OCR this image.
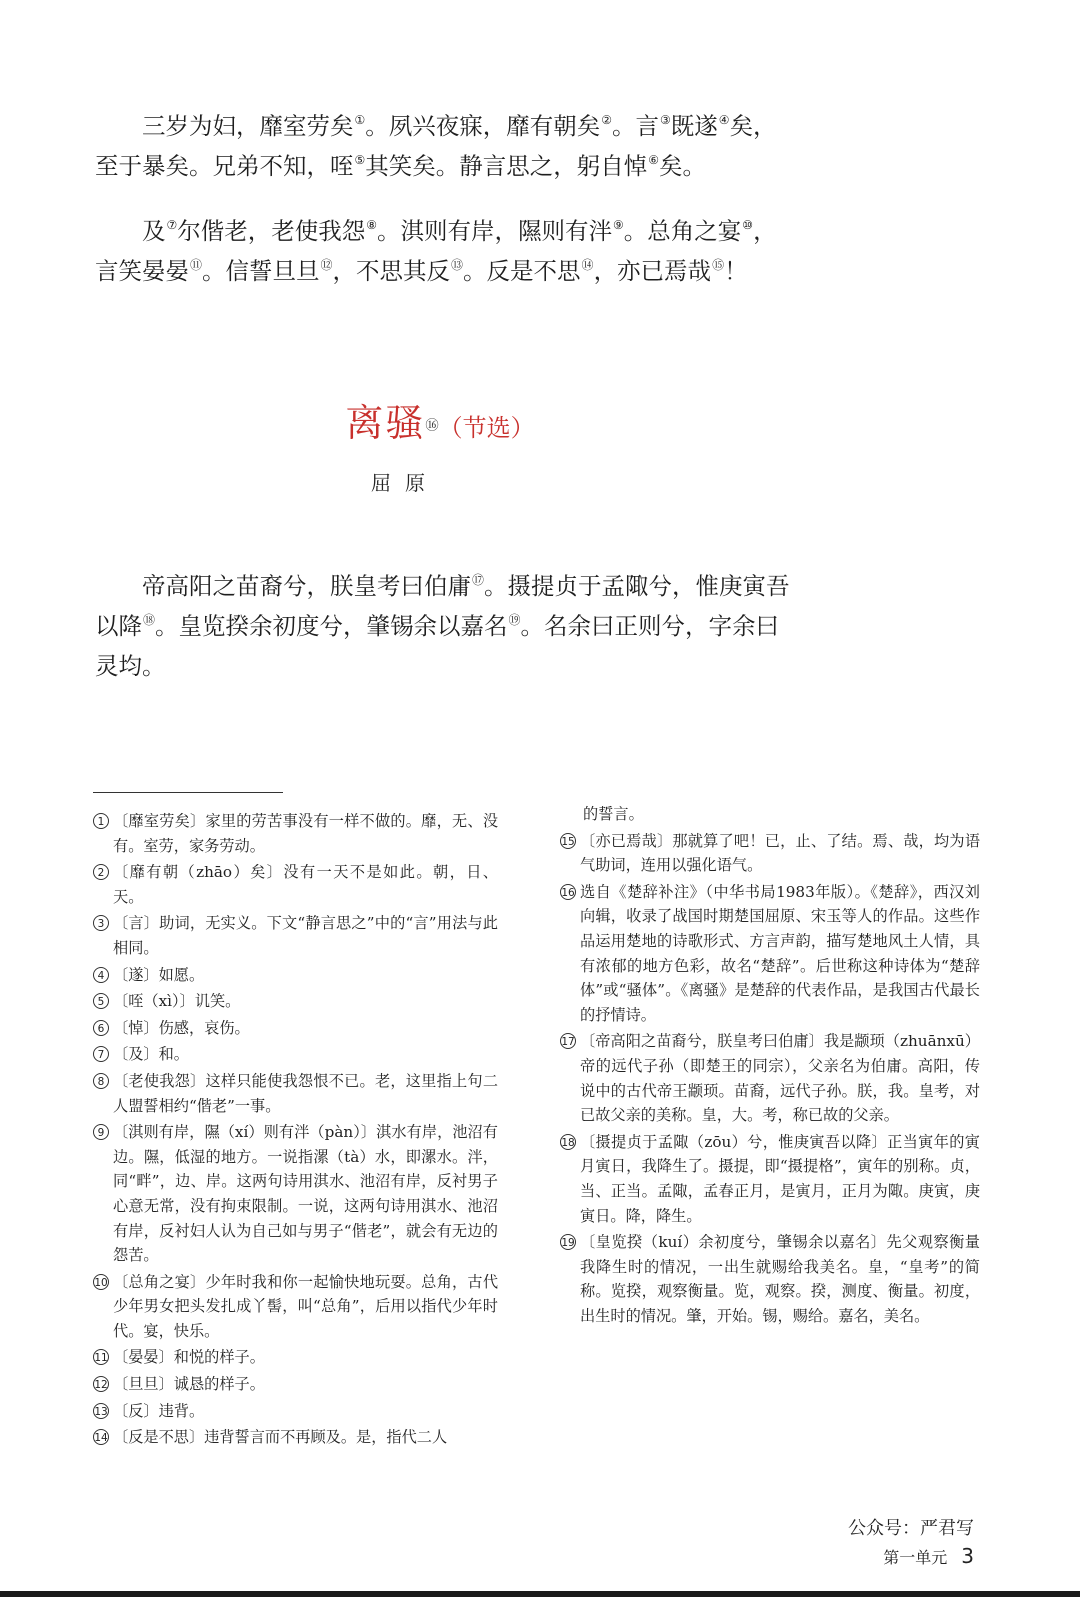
三岁为妇，靡室劳矣①。夙兴夜寐，靡有朝矣②。言③既遂④矣，至于暴矣。兄弟不知，咥⑤其笑矣。静言思之，躬自悼⑥矣。

及⑦尔偕老，老使我怨⑧。淇则有岸，隰则有泮⑨。总角之宴⑩，言笑晏晏⑪。信誓旦旦⑫，不思其反⑬。反是不思⑭，亦已焉哉⑮！

离骚⑯（节选）
屈原

帝高阳之苗裔兮，朕皇考曰伯庸⑰。摄提贞于孟陬兮，惟庚寅吾以降⑱。皇览揆余初度兮，肇锡余以嘉名⑲。名余曰正则兮，字余曰灵均。

1 〔靡室劳矣〕家里的劳苦事没有一样不做的。靡，无、没有。室劳，家务劳动。
2 〔靡有朝（zhāo）矣〕没有一天不是如此。朝，日、天。
3 〔言〕助词，无实义。下文“静言思之”中的“言”用法与此相同。
4 〔遂〕如愿。
5 〔咥（xì）〕讥笑。
6 〔悼〕伤感，哀伤。
7 〔及〕和。
8 〔老使我怨〕这样只能使我怨恨不已。老，这里指上句二人盟誓相约“偕老”一事。
9 〔淇则有岸，隰（xí）则有泮（pàn）〕淇水有岸，池沼有边。隰，低湿的地方。一说指漯（tà）水，即漯水。泮，同“畔”，边、岸。这两句诗用淇水、池沼有岸，反衬男子心意无常，没有拘束限制。一说，这两句诗用淇水、池沼有岸，反衬妇人认为自己如与男子“偕老”，就会有无边的怨苦。
10 〔总角之宴〕少年时我和你一起愉快地玩耍。总角，古代少年男女把头发扎成丫髻，叫“总角”，后用以指代少年时代。宴，快乐。
11 〔晏晏〕和悦的样子。
12 〔旦旦〕诚恳的样子。
13 〔反〕违背。
14 〔反是不思〕违背誓言而不再顾及。是，指代二人
的誓言。
15 〔亦已焉哉〕那就算了吧！已，止、了结。焉、哉，均为语气助词，连用以强化语气。
16 选自《楚辞补注》（中华书局1983年版）。《楚辞》，西汉刘向辑，收录了战国时期楚国屈原、宋玉等人的作品。这些作品运用楚地的诗歌形式、方言声韵，描写楚地风土人情，具有浓郁的地方色彩，故名“楚辞”。后世称这种诗体为“楚辞体”或“骚体”。《离骚》是楚辞的代表作品，是我国古代最长的抒情诗。
17 〔帝高阳之苗裔兮，朕皇考曰伯庸〕我是颛顼（zhuānxū）帝的远代子孙（即楚王的同宗），父亲名为伯庸。高阳，传说中的古代帝王颛顼。苗裔，远代子孙。朕，我。皇考，对已故父亲的美称。皇，大。考，称已故的父亲。
18 〔摄提贞于孟陬（zōu）兮，惟庚寅吾以降〕正当寅年的寅月寅日，我降生了。摄提，即“摄提格”，寅年的别称。贞，当、正当。孟陬，孟春正月，是寅月，正月为陬。庚寅，庚寅日。降，降生。
19 〔皇览揆（kuí）余初度兮，肇锡余以嘉名〕先父观察衡量我降生时的情况，一出生就赐给我美名。皇，“皇考”的简称。览揆，观察衡量。览，观察。揆，测度、衡量。初度，出生时的情况。肇，开始。锡，赐给。嘉名，美名。
公众号：严君写
第一单元 3
